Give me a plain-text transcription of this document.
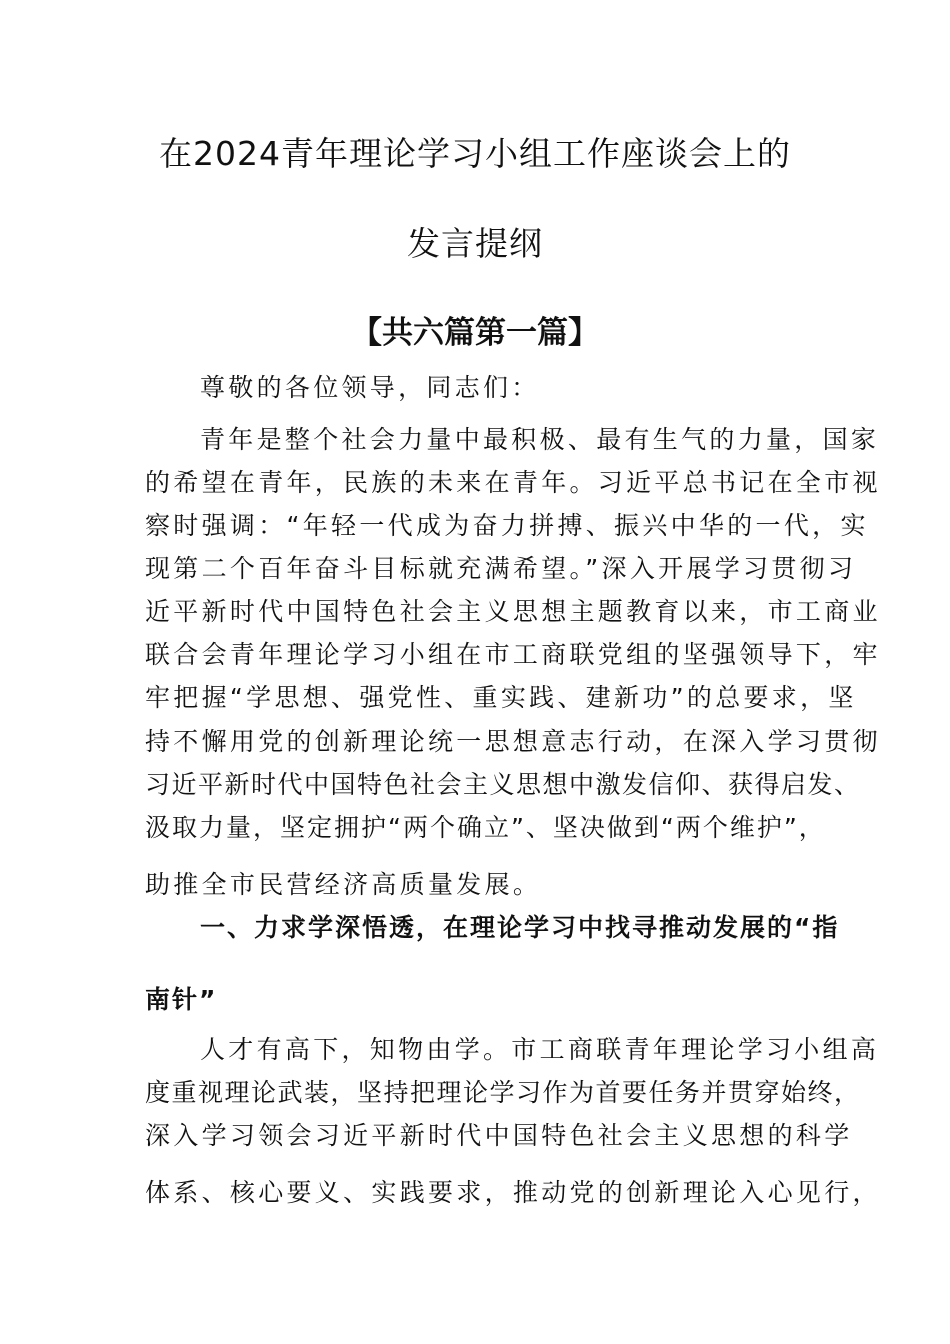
在2024青年理论学习小组工作座谈会上的
发言提纲
【共六篇第一篇】
尊敬的各位领导，同志们：
青年是整个社会力量中最积极、最有生气的力量，国家
的希望在青年，民族的未来在青年。习近平总书记在全市视
察时强调：“年轻一代成为奋力拼搏、振兴中华的一代，实
现第二个百年奋斗目标就充满希望。”深入开展学习贯彻习
近平新时代中国特色社会主义思想主题教育以来，市工商业
联合会青年理论学习小组在市工商联党组的坚强领导下，牢
牢把握“学思想、强党性、重实践、建新功”的总要求，坚
持不懈用党的创新理论统一思想意志行动，在深入学习贯彻
习近平新时代中国特色社会主义思想中激发信仰、获得启发、
汲取力量，坚定拥护“两个确立”、坚决做到“两个维护”，
助推全市民营经济高质量发展。
一、力求学深悟透，在理论学习中找寻推动发展的“指
南针”
人才有高下，知物由学。市工商联青年理论学习小组高
度重视理论武装，坚持把理论学习作为首要任务并贯穿始终，
深入学习领会习近平新时代中国特色社会主义思想的科学
体系、核心要义、实践要求，推动党的创新理论入心见行，
